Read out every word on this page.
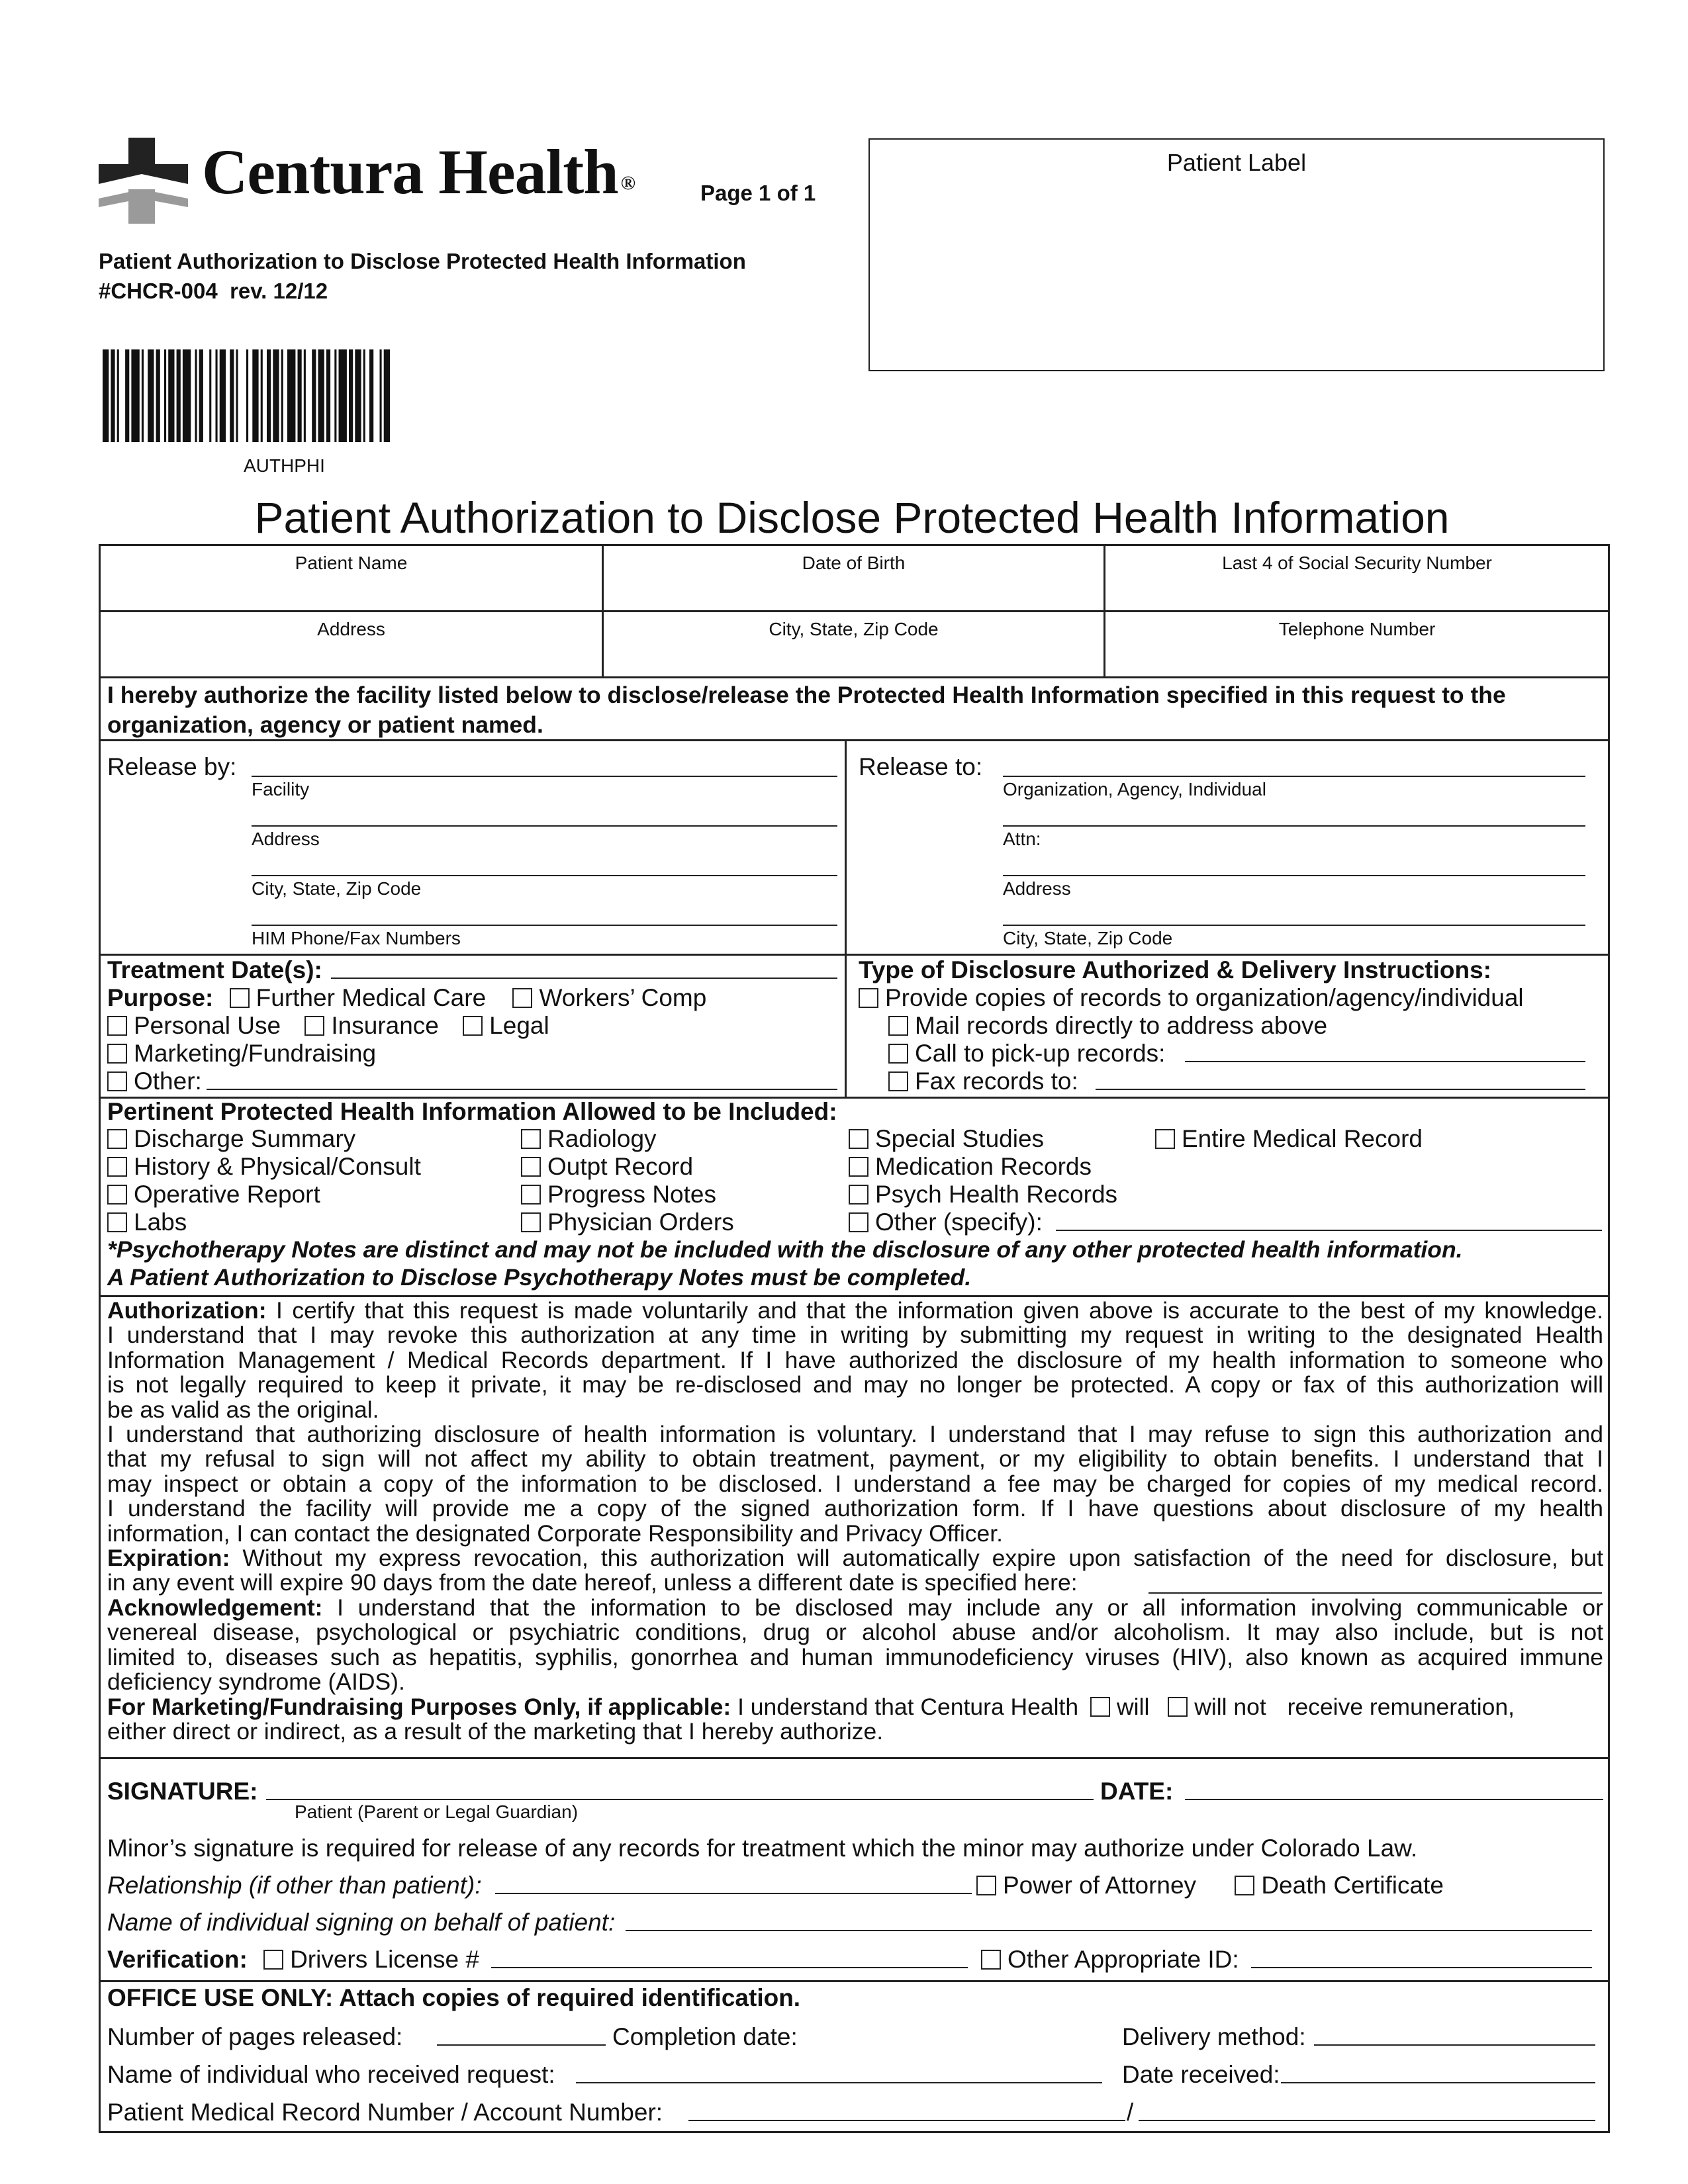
Centura Health ®	Page 1 of 1
Patient Authorization to Disclose Protected Health Information
#CHCR-004  rev. 12/12
AUTHPHI
Patient Label
Patient Authorization to Disclose Protected Health Information
Patient Name	Date of Birth	Last 4 of Social Security Number
Address	City, State, Zip Code	Telephone Number
I hereby authorize the facility listed below to disclose/release the Protected Health Information specified in this request to the organization, agency or patient named.
Release by:
Facility
Address
City, State, Zip Code
HIM Phone/Fax Numbers
Release to:
Organization, Agency, Individual
Attn:
Address
City, State, Zip Code
Treatment Date(s):
Purpose: Further Medical Care Workers’ Comp
Personal Use Insurance Legal
Marketing/Fundraising
Other:
Type of Disclosure Authorized & Delivery Instructions:
Provide copies of records to organization/agency/individual
Mail records directly to address above
Call to pick-up records:
Fax records to:
Pertinent Protected Health Information Allowed to be Included:
Discharge Summary
History & Physical/Consult
Operative Report
Labs
Radiology
Outpt Record
Progress Notes
Physician Orders
Special Studies
Medication Records
Psych Health Records
Other (specify):
Entire Medical Record
*Psychotherapy Notes are distinct and may not be included with the disclosure of any other protected health information.
A Patient Authorization to Disclose Psychotherapy Notes must be completed.

Authorization: I certify that this request is made voluntarily and that the information given above is accurate to the best of my knowledge.

I understand that I may revoke this authorization at any time in writing by submitting my request in writing to the designated Health

Information Management / Medical Records department. If I have authorized the disclosure of my health information to someone who

is not legally required to keep it private, it may be re-disclosed and may no longer be protected. A copy or fax of this authorization will

be as valid as the original.

I understand that authorizing disclosure of health information is voluntary. I understand that I may refuse to sign this authorization and

that my refusal to sign will not affect my ability to obtain treatment, payment, or my eligibility to obtain benefits. I understand that I

may inspect or obtain a copy of the information to be disclosed. I understand a fee may be charged for copies of my medical record.

I understand the facility will provide me a copy of the signed authorization form. If I have questions about disclosure of my health

information, I can contact the designated Corporate Responsibility and Privacy Officer.

Expiration: Without my express revocation, this authorization will automatically expire upon satisfaction of the need for disclosure, but

in any event will expire 90 days from the date hereof, unless a different date is specified here:

Acknowledgement: I understand that the information to be disclosed may include any or all information involving communicable or

venereal disease, psychological or psychiatric conditions, drug or alcohol abuse and/or alcoholism. It may also include, but is not

limited to, diseases such as hepatitis, syphilis, gonorrhea and human immunodeficiency viruses (HIV), also known as acquired immune

deficiency syndrome (AIDS).

For Marketing/Fundraising Purposes Only, if applicable: I understand that Centura Health will will not receive remuneration,

either direct or indirect, as a result of the marketing that I hereby authorize.

SIGNATURE:	DATE:
Patient (Parent or Legal Guardian)
Minor’s signature is required for release of any records for treatment which the minor may authorize under Colorado Law.
Relationship (if other than patient):	Power of Attorney	Death Certificate
Name of individual signing on behalf of patient:
Verification: Drivers License #	Other Appropriate ID:
OFFICE USE ONLY: Attach copies of required identification.
Number of pages released:	Completion date:	Delivery method:
Name of individual who received request:	Date received:
Patient Medical Record Number / Account Number:	/
